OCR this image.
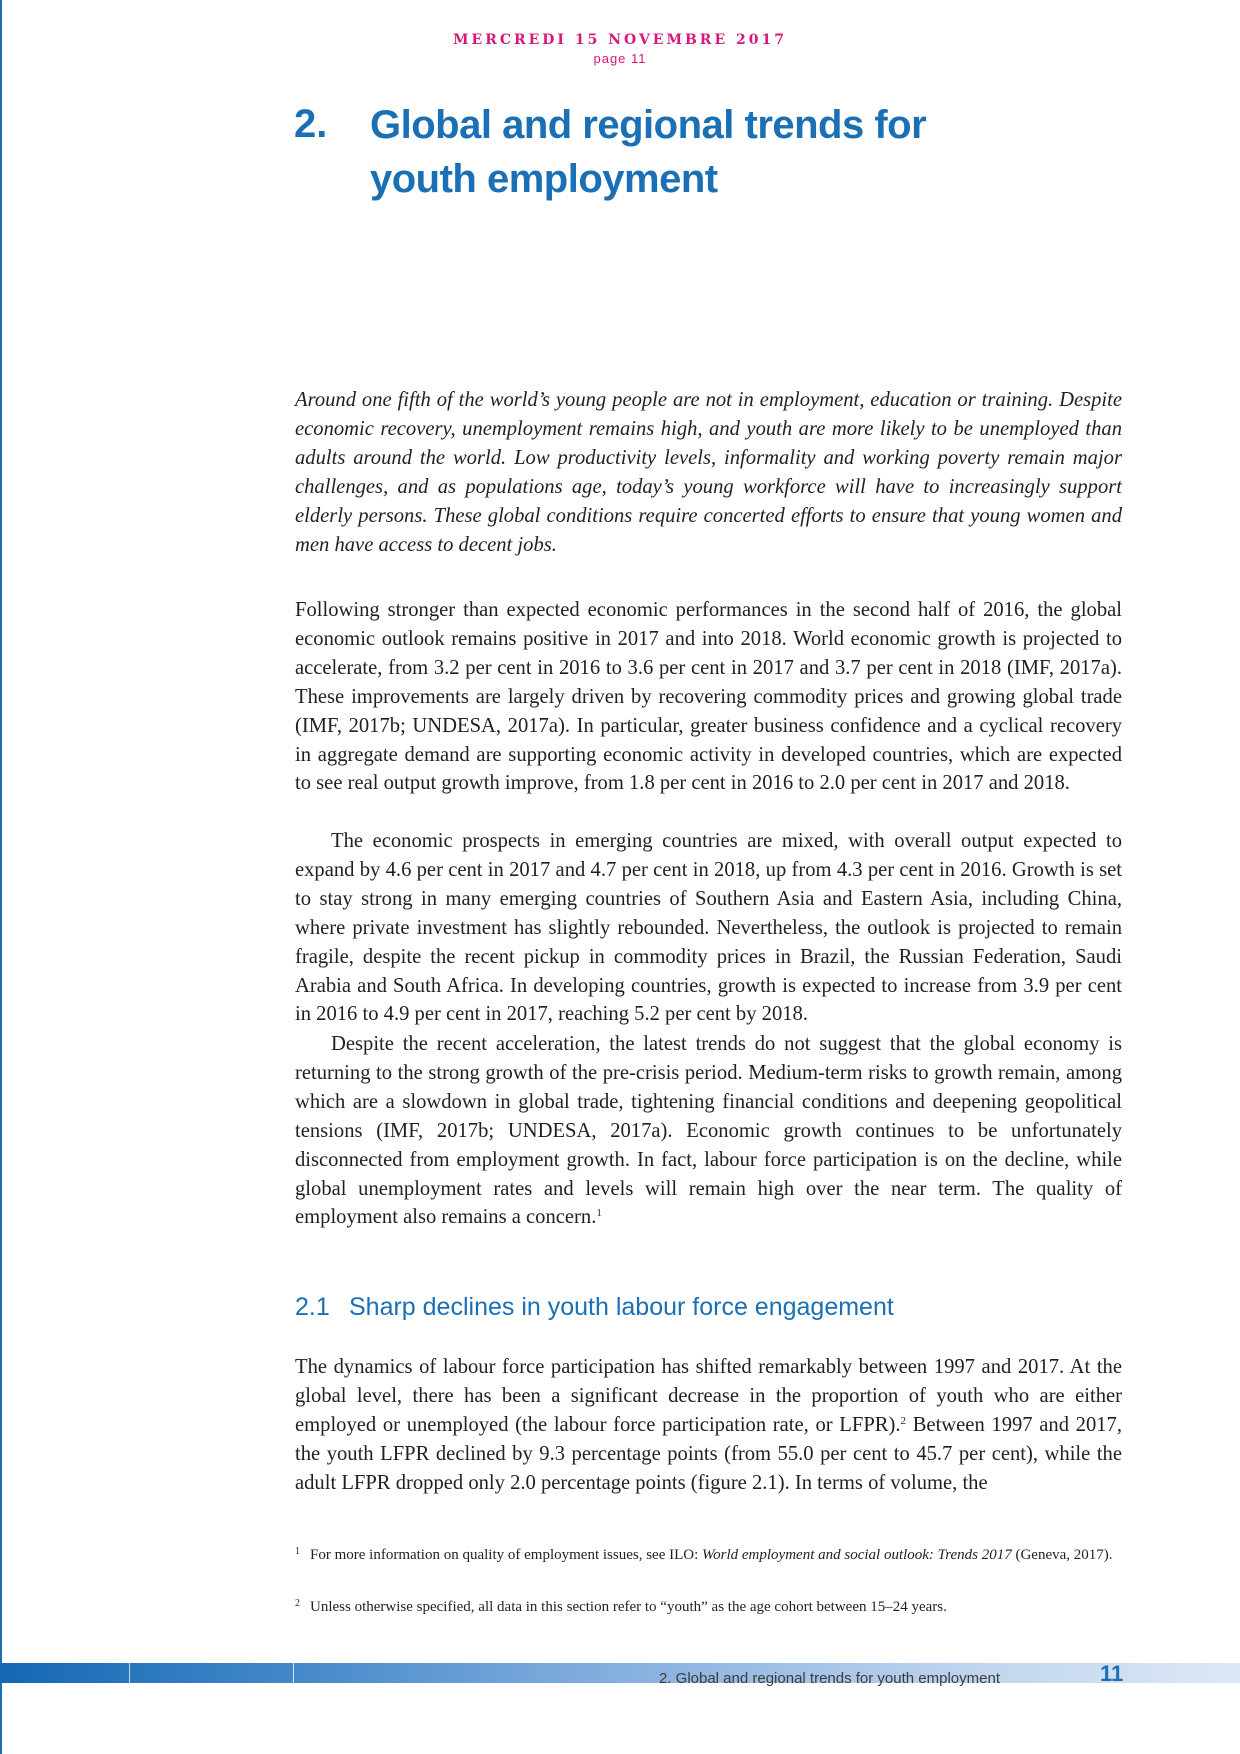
MERCREDI 15 NOVEMBRE 2017
page 11
2. Global and regional trends for youth employment

Around one fifth of the world’s young people are not in employment, education or training. Despite economic recovery, unemployment remains high, and youth are more likely to be unemployed than adults around the world. Low productivity levels, informality and working poverty remain major challenges, and as populations age, today’s young workforce will have to increasingly support elderly persons. These global conditions require concerted efforts to ensure that young women and men have access to decent jobs.

Following stronger than expected economic performances in the second half of 2016, the global economic outlook remains positive in 2017 and into 2018. World economic growth is projected to accelerate, from 3.2 per cent in 2016 to 3.6 per cent in 2017 and 3.7 per cent in 2018 (IMF, 2017a). These improvements are largely driven by recovering commodity prices and growing global trade (IMF, 2017b; UNDESA, 2017a). In particular, greater business confidence and a cyclical recovery in aggregate demand are supporting economic activity in developed countries, which are expected to see real output growth improve, from 1.8 per cent in 2016 to 2.0 per cent in 2017 and 2018.

The economic prospects in emerging countries are mixed, with overall output expected to expand by 4.6 per cent in 2017 and 4.7 per cent in 2018, up from 4.3 per cent in 2016. Growth is set to stay strong in many emerging countries of Southern Asia and Eastern Asia, including China, where private investment has slightly rebounded. Nevertheless, the outlook is projected to remain fragile, despite the recent pickup in commodity prices in Brazil, the Russian Federation, Saudi Arabia and South Africa. In developing countries, growth is expected to increase from 3.9 per cent in 2016 to 4.9 per cent in 2017, reaching 5.2 per cent by 2018.

Despite the recent acceleration, the latest trends do not suggest that the global economy is returning to the strong growth of the pre-crisis period. Medium-term risks to growth remain, among which are a slowdown in global trade, tightening financial conditions and deepening geopolitical tensions (IMF, 2017b; UNDESA, 2017a). Economic growth continues to be unfortunately disconnected from employment growth. In fact, labour force participation is on the decline, while global unemployment rates and levels will remain high over the near term. The quality of employment also remains a concern.$^1$

2.1 Sharp declines in youth labour force engagement

The dynamics of labour force participation has shifted remarkably between 1997 and 2017. At the global level, there has been a significant decrease in the proportion of youth who are either employed or unemployed (the labour force participation rate, or LFPR).$^2$ Between 1997 and 2017, the youth LFPR declined by 9.3 percentage points (from 55.0 per cent to 45.7 per cent), while the adult LFPR dropped only 2.0 percentage points (figure 2.1). In terms of volume, the

1 For more information on quality of employment issues, see ILO: World employment and social outlook: Trends 2017 (Geneva, 2017).

2 Unless otherwise specified, all data in this section refer to “youth” as the age cohort between 15–24 years.

2. Global and regional trends for youth employment	11
